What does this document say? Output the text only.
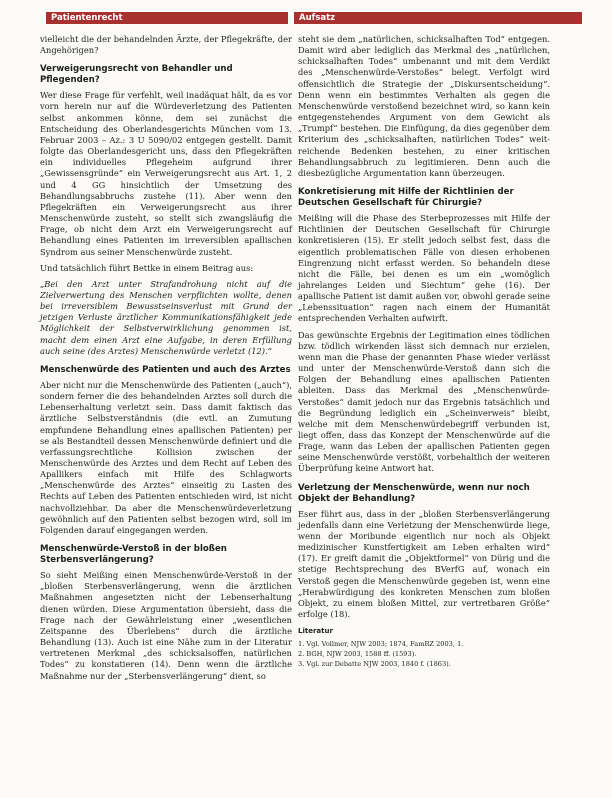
Patientenrecht	Aufsatz

vielleicht die der behandelnden Ärzte, der Pflegekräfte, der Angehörigen?

Verweigerungsrecht von Behandler und Pflegenden?

Wer diese Frage für verfehlt, weil inadäquat hält, da es vor vorn herein nur auf die Würdeverletzung des Patienten selbst ankommen könne, dem sei zunächst die Entscheidung des Oberlandesgerichts München vom 13. Februar 2003 – Az.: 3 U 5090/02 entgegen gestellt. Damit folgte das Oberlandesgericht uns, dass den Pflegekräften ein individuelles Pflegeheim aufgrund ihrer „Gewissensgründe“ ein Verweigerungsrecht aus Art. 1, 2 und 4 GG hinsichtlich der Umsetzung des Behandlungsabbruchs zustehe (11). Aber wenn den Pflegekräften ein Verweigerungsrecht aus ihrer Menschenwürde zusteht, so stellt sich zwangsläufig die Frage, ob nicht dem Arzt ein Verweigerungsrecht auf Behandlung eines Patienten im irreversiblen apallischen Syndrom aus seiner Menschenwürde zusteht.

Und tatsächlich führt Bettke in einem Beitrag aus:

„Bei den Arzt unter Strafandrohung nicht auf die Zielverwertung des Menschen verpflichten wollte, denen bei irreversiblem Bewusstseinsverlust mit Grund der jetzigen Verluste ärztlicher Kommunikationsfähigkeit jede Möglichkeit der Selbstverwirklichung genommen ist, macht dem einen Arzt eine Aufgabe, in deren Erfüllung auch seine (des Arztes) Menschenwürde verletzt (12).“

Menschenwürde des Patienten und auch des Arztes

Aber nicht nur die Menschenwürde des Patienten („auch“), sondern ferner die des behandelnden Arztes soll durch die Lebenserhaltung verletzt sein. Dass damit faktisch das ärztliche Selbstverständnis (die evtl. an Zumutung empfundene Behandlung eines apallischen Patienten) per se als Bestandteil dessen Menschenwürde definiert und die verfassungsrechtliche Kollision zwischen der Menschenwürde des Arztes und dem Recht auf Leben des Apallikers einfach mit Hilfe des Schlagworts „Menschenwürde des Arztes“ einseitig zu Lasten des Rechts auf Leben des Patienten entschieden wird, ist nicht nachvollziehbar. Da aber die Menschenwürdeverletzung gewöhnlich auf den Patienten selbst bezogen wird, soll im Folgenden darauf eingegangen werden.

Menschenwürde-Verstoß in der bloßen Sterbensverlängerung?

So sieht Meißing einen Menschenwürde-Verstoß in der „bloßen Sterbensverlängerung, wenn die ärztlichen Maßnahmen angesetzten nicht der Lebenserhaltung dienen würden. Diese Argumentation übersieht, dass die Frage nach der Gewährleistung einer „wesentlichen Zeitspanne des Überlebens“ durch die ärztliche Behandlung (13). Auch ist eine Nähe zum in der Literatur vertretenen Merkmal „des schicksalsoffen, natürlichen Todes“ zu konstatieren (14). Denn wenn die ärztliche Maßnahme nur der „Sterbensverlängerung“ dient, so

steht sie dem „natürlichen, schicksalhaften Tod“ entgegen. Damit wird aber lediglich das Merkmal des „natürlichen, schicksalhaften Todes“ umbenannt und mit dem Verdikt des „Menschenwürde-Verstoßes“ belegt. Verfolgt wird offensichtlich die Strategie der „Diskursentscheidung“. Denn wenn ein bestimmtes Verhalten als gegen die Menschenwürde verstoßend bezeichnet wird, so kann kein entgegenstehendes Argument von dem Gewicht als „Trumpf“ bestehen. Die Einfügung, da dies gegenüber dem Kriterium des „schicksalhaften, natürlichen Todes“ weit-reichende Bedenken bestehen, zu einer kritischen Behandlungsabbruch zu legitimieren. Denn auch die diesbezügliche Argumentation kann überzeugen.

Konkretisierung mit Hilfe der Richtlinien der Deutschen Gesellschaft für Chirurgie?

Meißing will die Phase des Sterbeprozesses mit Hilfe der Richtlinien der Deutschen Gesellschaft für Chirurgie konkretisieren (15). Er stellt jedoch selbst fest, dass die eigentlich problematischen Fälle von diesen erhobenen Eingrenzung nicht erfasst werden. So behandeln diese nicht die Fälle, bei denen es um ein „womöglich jahrelanges Leiden und Siechtum“ gehe (16). Der apallische Patient ist damit außen vor, obwohl gerade seine „Lebenssituation“ ragen nach einem der Humanität entsprechenden Verhalten aufwirft.

Das gewünschte Ergebnis der Legitimation eines tödlichen bzw. tödlich wirkenden lässt sich demnach nur erzielen, wenn man die Phase der genannten Phase wieder verlässt und unter der Menschenwürde-Verstoß dann sich die Folgen der Behandlung eines apallischen Patienten ableiten. Dass das Merkmal des „Menschenwürde-Verstoßes“ damit jedoch nur das Ergebnis tatsächlich und die Begründung lediglich ein „Scheinverweis“ bleibt, welche mit dem Menschenwürdebegriff verbunden ist, liegt offen, dass das Konzept der Menschenwürde auf die Frage, wann das Leben der apallischen Patienten gegen seine Menschenwürde verstößt, vorbehaltlich der weiteren Überprüfung keine Antwort hat.

Verletzung der Menschenwürde, wenn nur noch Objekt der Behandlung?

Eser führt aus, dass in der „bloßen Sterbensverlängerung jedenfalls dann eine Verletzung der Menschenwürde liege, wenn der Moribunde eigentlich nur noch als Objekt medizinischer Kunstfertigkeit am Leben erhalten wird“ (17). Er greift damit die „Objektformel“ von Dürig und die stetige Rechtsprechung des BVerfG auf, wonach ein Verstoß gegen die Menschenwürde gegeben ist, wenn eine „Herabwürdigung des konkreten Menschen zum bloßen Objekt, zu einem bloßen Mittel, zur vertretbaren Größe“ erfolge (18).

Literatur
1. Vgl. Vollmer, NJW 2003; 1874, FamRZ 2003, 1.
2. BGH, NJW 2003, 1588 ff. (1593).
3. Vgl. zur Debatte NJW 2003, 1840 f. (1863).
